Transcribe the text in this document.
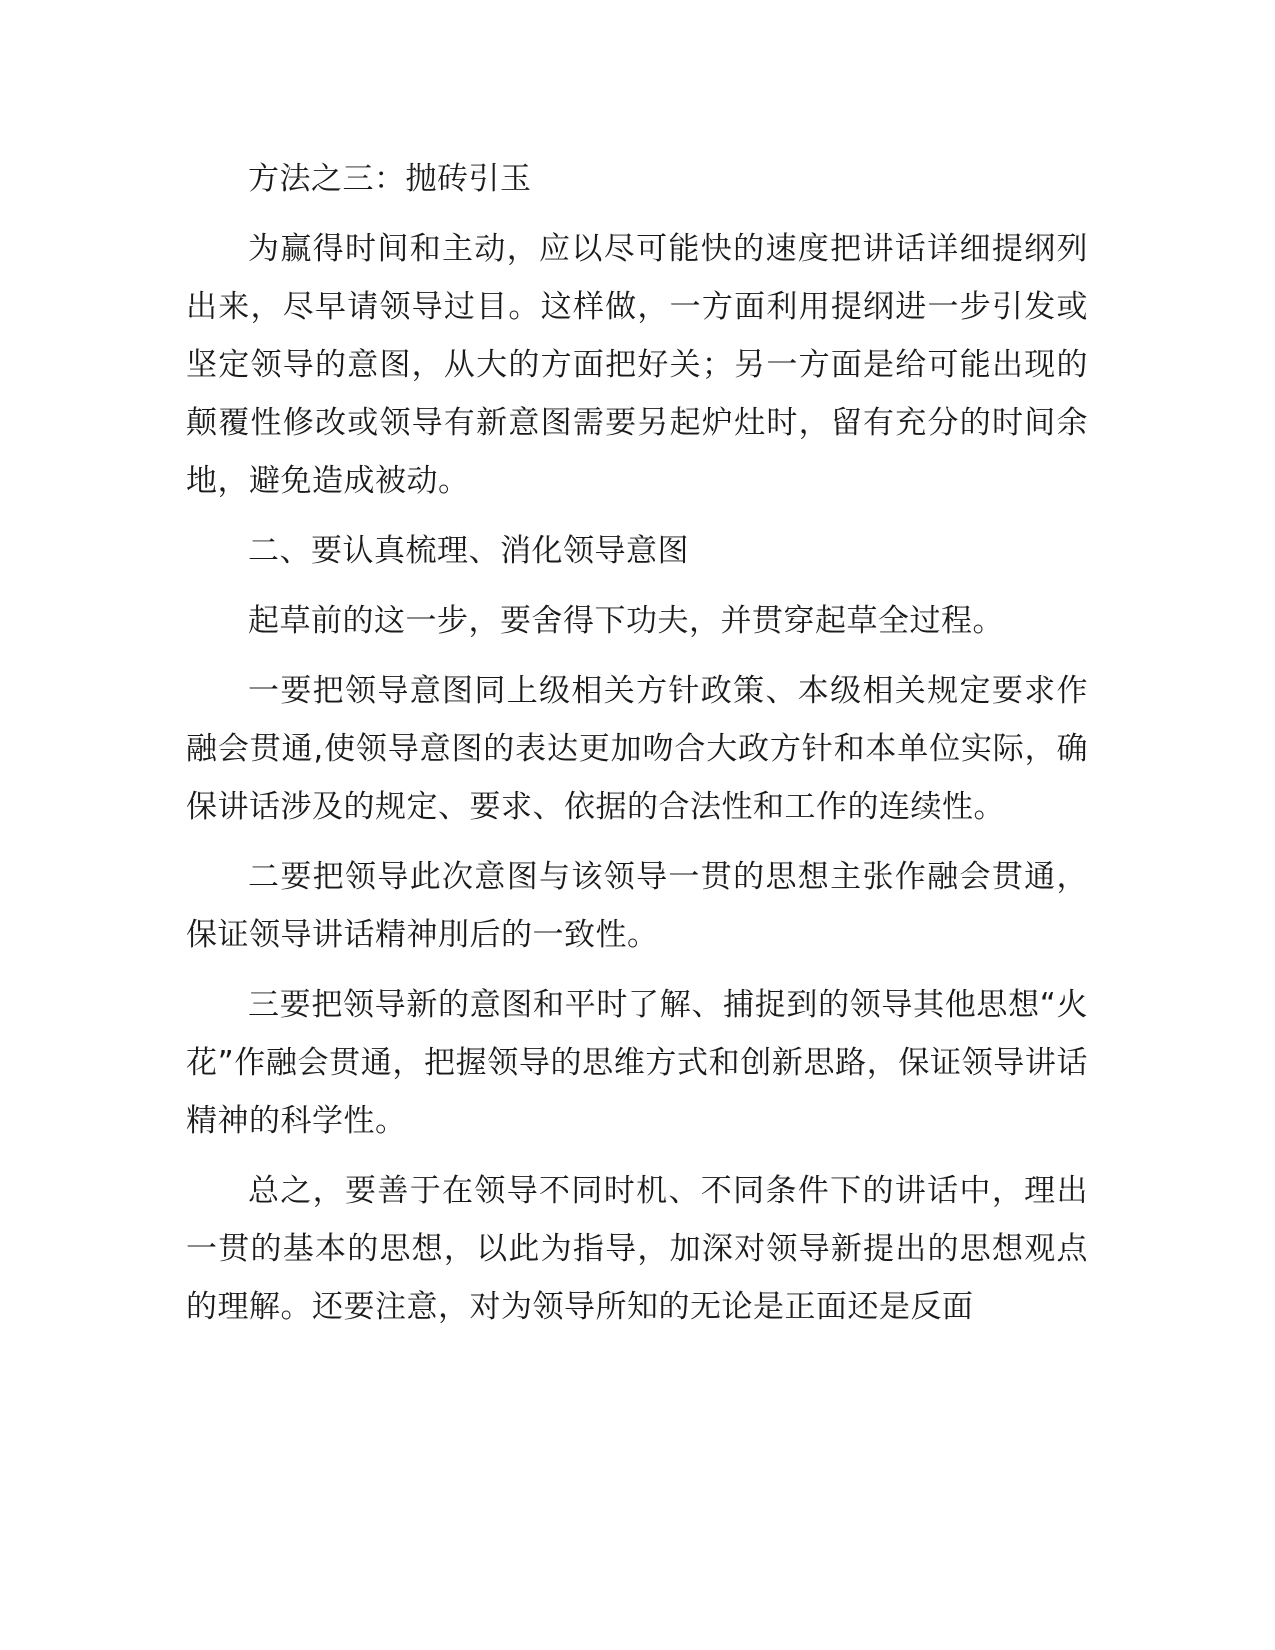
方法之三：抛砖引玉

为赢得时间和主动，应以尽可能快的速度把讲话详细提纲列出来，尽早请领导过目。这样做，一方面利用提纲进一步引发或坚定领导的意图，从大的方面把好关；另一方面是给可能出现的颠覆性修改或领导有新意图需要另起炉灶时，留有充分的时间余地，避免造成被动。

二、要认真梳理、消化领导意图

起草前的这一步，要舍得下功夫，并贯穿起草全过程。

一要把领导意图同上级相关方针政策、本级相关规定要求作融会贯通,使领导意图的表达更加吻合大政方针和本单位实际，确保讲话涉及的规定、要求、依据的合法性和工作的连续性。

二要把领导此次意图与该领导一贯的思想主张作融会贯通，保证领导讲话精神刖后的一致性。

三要把领导新的意图和平时了解、捕捉到的领导其他思想“火花”作融会贯通，把握领导的思维方式和创新思路，保证领导讲话精神的科学性。

总之，要善于在领导不同时机、不同条件下的讲话中，理出一贯的基本的思想，以此为指导，加深对领导新提出的思想观点的理解。还要注意，对为领导所知的无论是正面还是反面
